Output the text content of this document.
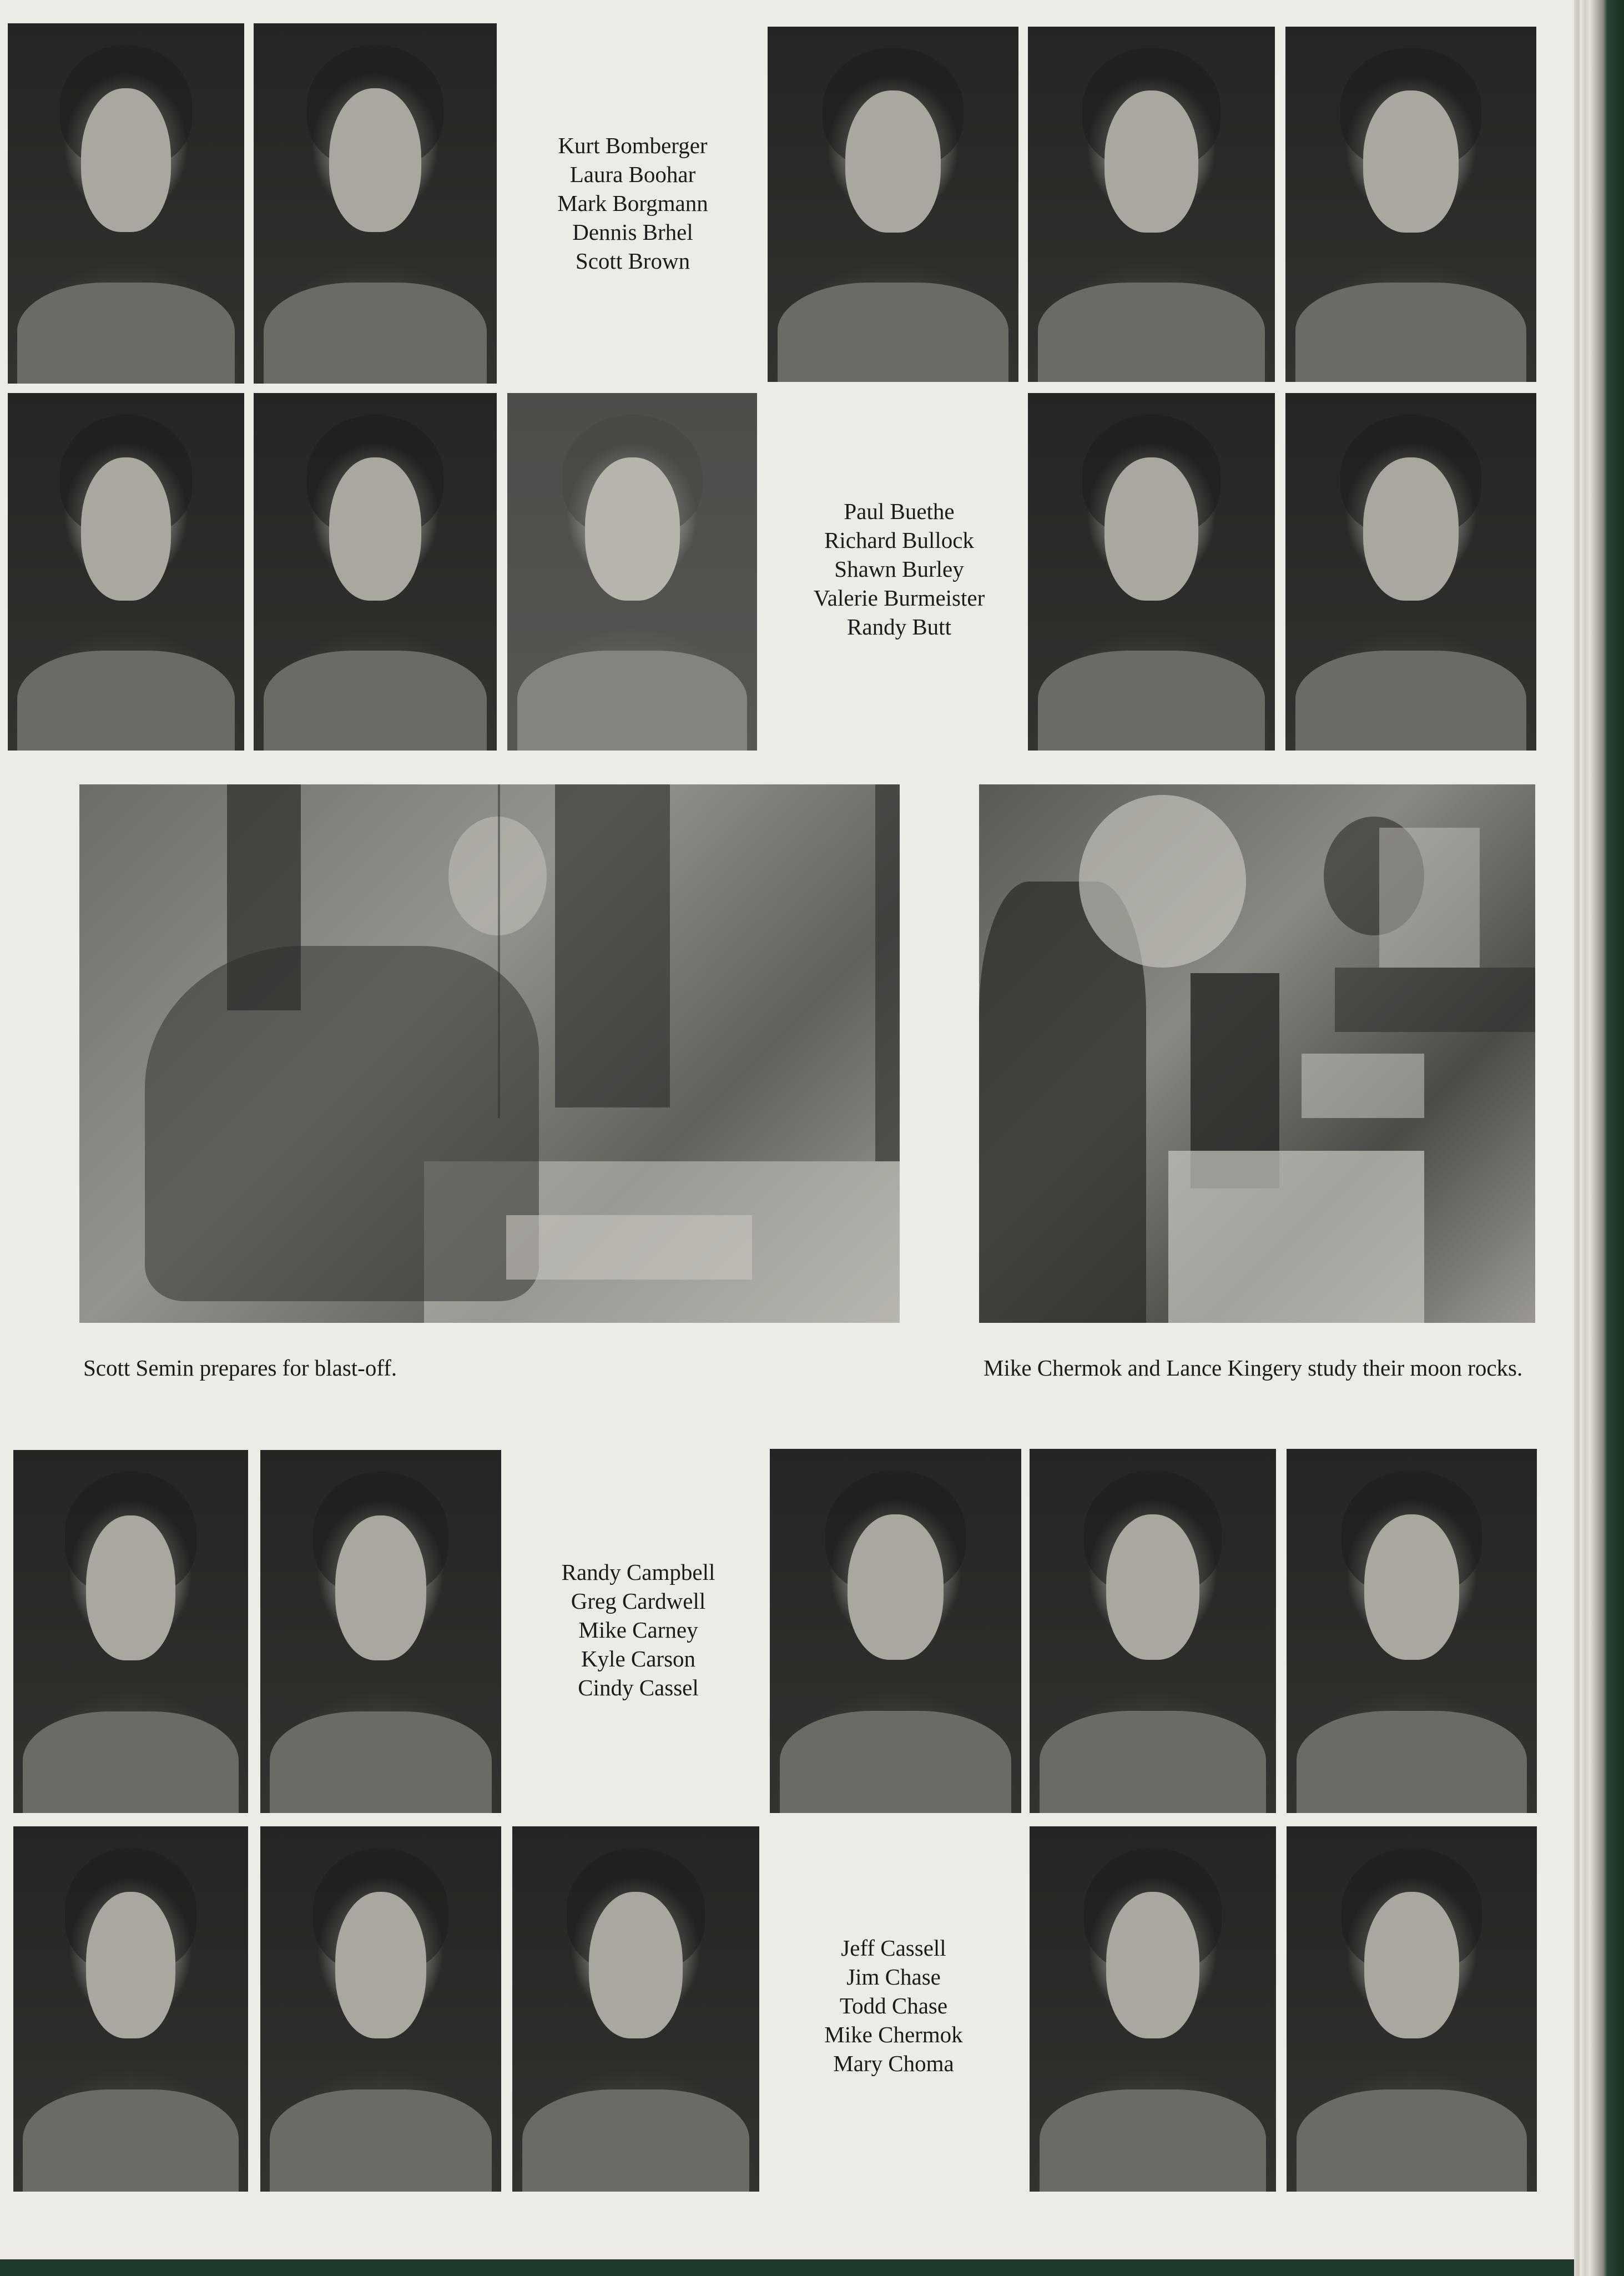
Kurt Bomberger
Laura Boohar
Mark Borgmann
Dennis Brhel
Scott Brown
Paul Buethe
Richard Bullock
Shawn Burley
Valerie Burmeister
Randy Butt
Scott Semin prepares for blast-off.	Mike Chermok and Lance Kingery study their moon rocks.
Randy Campbell
Greg Cardwell
Mike Carney
Kyle Carson
Cindy Cassel
Jeff Cassell
Jim Chase
Todd Chase
Mike Chermok
Mary Choma
